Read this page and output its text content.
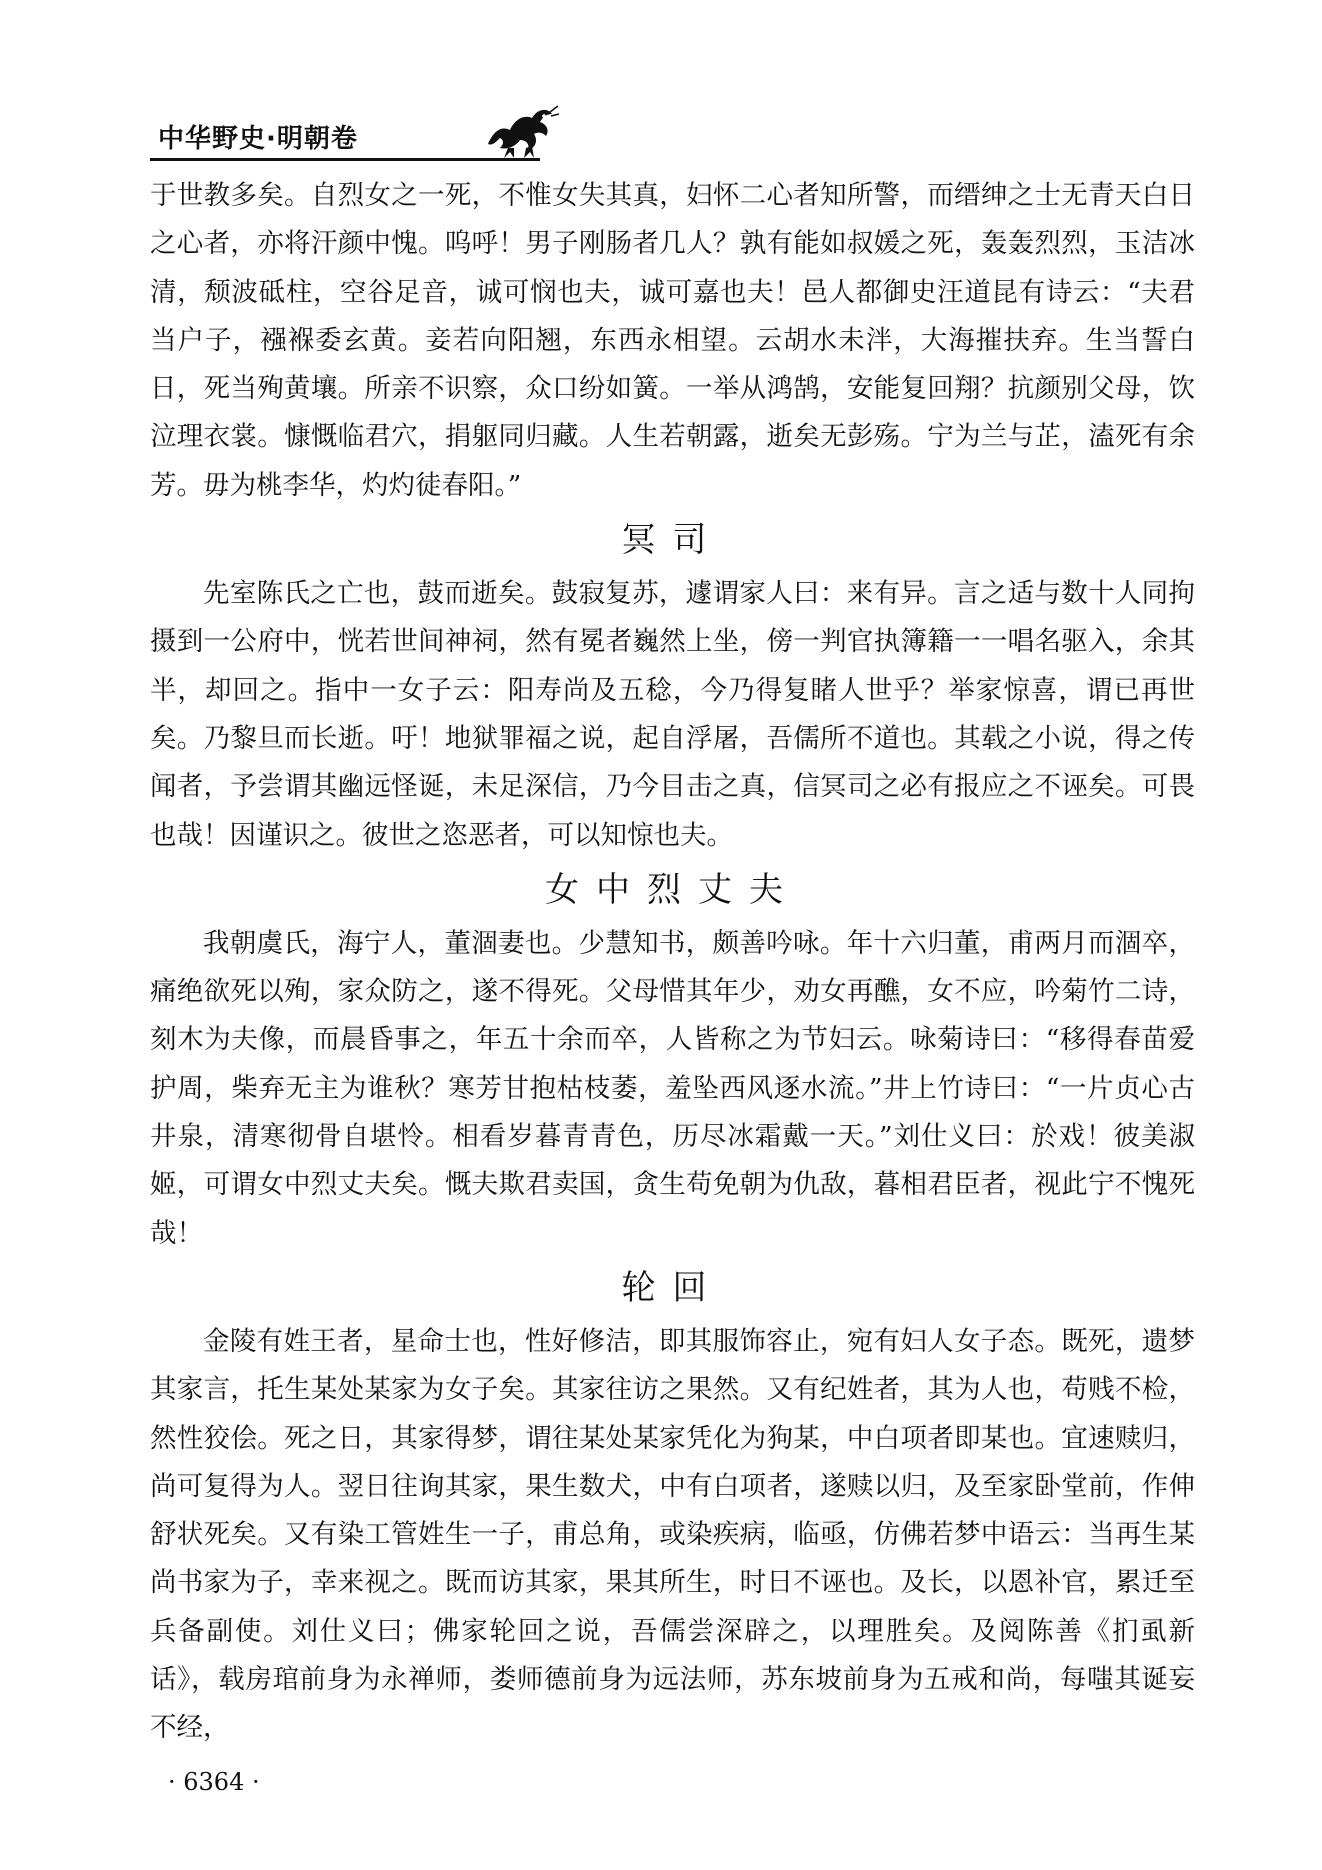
中华野史·明朝卷

于世教多矣。自烈女之一死，不惟女失其真，妇怀二心者知所警，而缙绅之士无青天白日之心者，亦将汗颜中愧。呜呼！男子刚肠者几人？孰有能如叔媛之死，轰轰烈烈，玉洁冰清，颓波砥柱，空谷足音，诚可悯也夫，诚可嘉也夫！邑人都御史汪道昆有诗云：“夫君当户子，襁褓委玄黄。妾若向阳翘，东西永相望。云胡水未泮，大海摧扶弃。生当誓白日，死当殉黄壤。所亲不识察，众口纷如簧。一举从鸿鹄，安能复回翔？抗颜别父母，饮泣理衣裳。慷慨临君穴，捐躯同归藏。人生若朝露，逝矣无彭殇。宁为兰与芷，溘死有余芳。毋为桃李华，灼灼徒春阳。”

冥司

先室陈氏之亡也，鼓而逝矣。鼓寂复苏，遽谓家人曰：来有异。言之适与数十人同拘摄到一公府中，恍若世间神祠，然有冕者巍然上坐，傍一判官执簿籍一一唱名驱入，余其半，却回之。指中一女子云：阳寿尚及五稔，今乃得复睹人世乎？举家惊喜，谓已再世矣。乃黎旦而长逝。吁！地狱罪福之说，起自浮屠，吾儒所不道也。其载之小说，得之传闻者，予尝谓其幽远怪诞，未足深信，乃今目击之真，信冥司之必有报应之不诬矣。可畏也哉！因谨识之。彼世之恣恶者，可以知惊也夫。

女中烈丈夫

我朝虞氏，海宁人，董涸妻也。少慧知书，颇善吟咏。年十六归董，甫两月而涸卒，痛绝欲死以殉，家众防之，遂不得死。父母惜其年少，劝女再醮，女不应，吟菊竹二诗，刻木为夫像，而晨昏事之，年五十余而卒，人皆称之为节妇云。咏菊诗曰：“移得春苗爱护周，柴弃无主为谁秋？寒芳甘抱枯枝萎，羞坠西风逐水流。”井上竹诗曰：“一片贞心古井泉，清寒彻骨自堪怜。相看岁暮青青色，历尽冰霜戴一天。”刘仕义曰：於戏！彼美淑姬，可谓女中烈丈夫矣。慨夫欺君卖国，贪生苟免朝为仇敌，暮相君臣者，视此宁不愧死哉！

轮回

金陵有姓王者，星命士也，性好修洁，即其服饰容止，宛有妇人女子态。既死，遗梦其家言，托生某处某家为女子矣。其家往访之果然。又有纪姓者，其为人也，苟贱不检，然性狡侩。死之日，其家得梦，谓往某处某家凭化为狗某，中白项者即某也。宜速赎归，尚可复得为人。翌日往询其家，果生数犬，中有白项者，遂赎以归，及至家卧堂前，作伸舒状死矣。又有染工管姓生一子，甫总角，或染疾病，临亟，仿佛若梦中语云：当再生某尚书家为子，幸来视之。既而访其家，果其所生，时日不诬也。及长，以恩补官，累迁至兵备副使。刘仕义曰；佛家轮回之说，吾儒尝深辟之，以理胜矣。及阅陈善《扪虱新话》，载房琯前身为永禅师，娄师德前身为远法师，苏东坡前身为五戒和尚，每嗤其诞妄不经，

· 6364 ·
